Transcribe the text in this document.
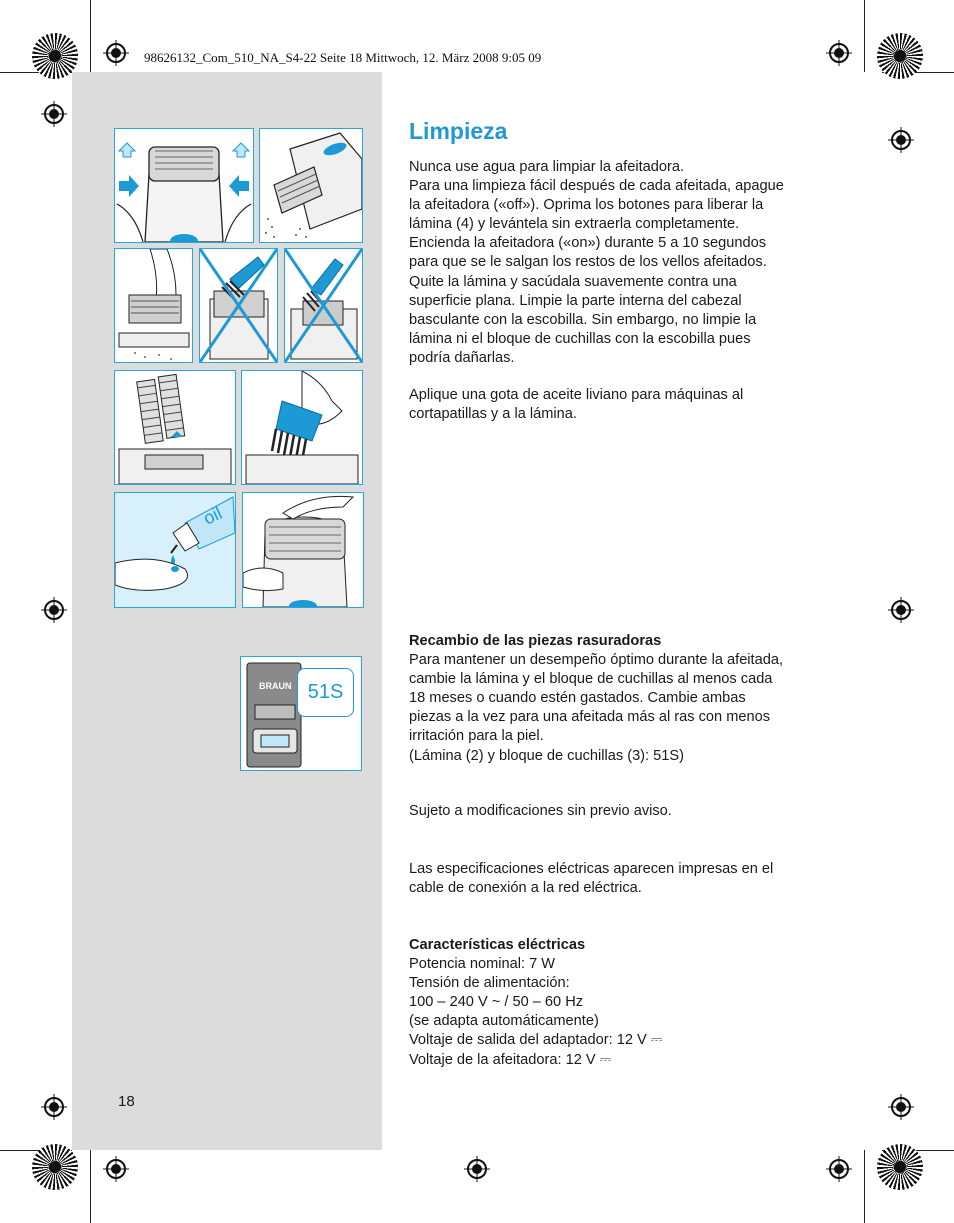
98626132_Com_510_NA_S4-22 Seite 18 Mittwoch, 12. März 2008 9:05 09
oil
BRAUN 51S
Limpieza
Nunca use agua para limpiar la afeitadora.
Para una limpieza fácil después de cada afeitada, apague
la afeitadora («off»). Oprima los botones para liberar la
lámina (4) y levántela sin extraerla completamente.
Encienda la afeitadora («on») durante 5 a 10 segundos
para que se le salgan los restos de los vellos afeitados.
Quite la lámina y sacúdala suavemente contra una
superficie plana. Limpie la parte interna del cabezal
basculante con la escobilla. Sin embargo, no limpie la
lámina ni el bloque de cuchillas con la escobilla pues
podría dañarlas.
Aplique una gota de aceite liviano para máquinas al
cortapatillas y a la lámina.
Recambio de las piezas rasuradoras
Para mantener un desempeño óptimo durante la afeitada,
cambie la lámina y el bloque de cuchillas al menos cada
18 meses o cuando estén gastados. Cambie ambas
piezas a la vez para una afeitada más al ras con menos
irritación para la piel.
(Lámina (2) y bloque de cuchillas (3): 51S)
Sujeto a modificaciones sin previo aviso.
Las especificaciones eléctricas aparecen impresas en el
cable de conexión a la red eléctrica.
Características eléctricas
Potencia nominal: 7 W
Tensión de alimentación:
100 – 240 V ~ / 50 – 60 Hz
(se adapta automáticamente)
Voltaje de salida del adaptador: 12 V ⎓
Voltaje de la afeitadora: 12 V ⎓
18
